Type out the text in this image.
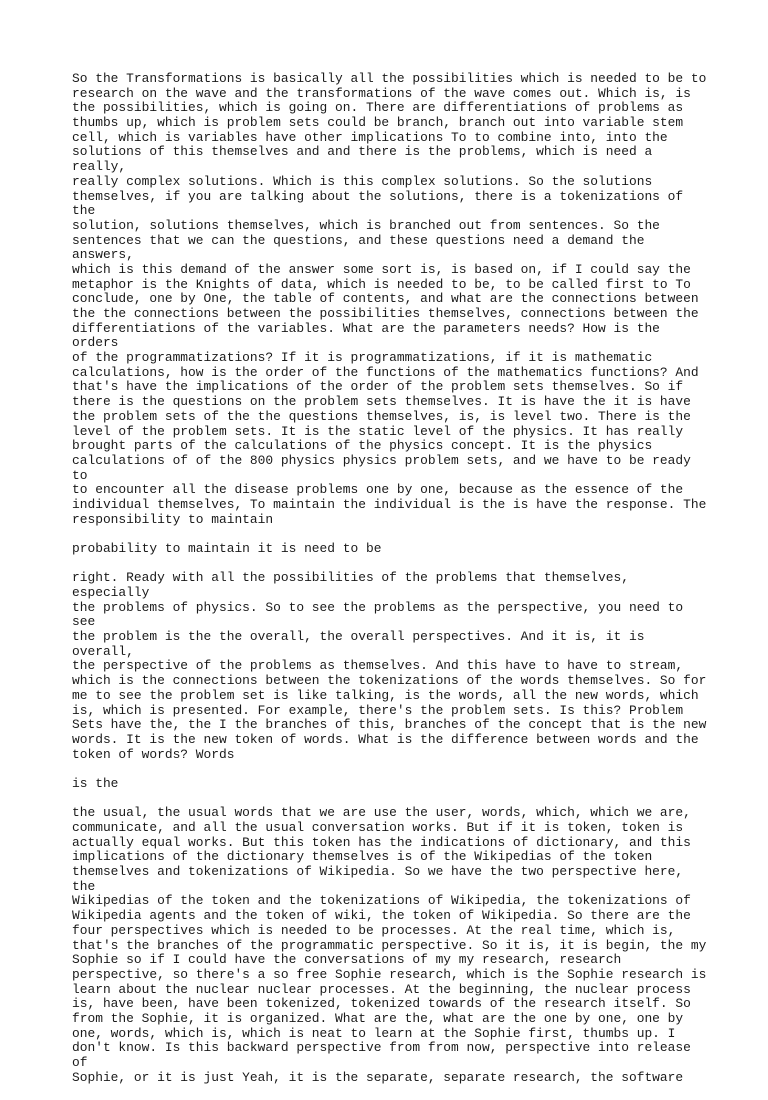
So the Transformations is basically all the possibilities which is needed to be to
research on the wave and the transformations of the wave comes out. Which is, is
the possibilities, which is going on. There are differentiations of problems as
thumbs up, which is problem sets could be branch, branch out into variable stem
cell, which is variables have other implications To to combine into, into the
solutions of this themselves and and there is the problems, which is need a really,
really complex solutions. Which is this complex solutions. So the solutions
themselves, if you are talking about the solutions, there is a tokenizations of the
solution, solutions themselves, which is branched out from sentences. So the
sentences that we can the questions, and these questions need a demand the answers,
which is this demand of the answer some sort is, is based on, if I could say the
metaphor is the Knights of data, which is needed to be, to be called first to To
conclude, one by One, the table of contents, and what are the connections between
the the connections between the possibilities themselves, connections between the
differentiations of the variables. What are the parameters needs? How is the orders
of the programmatizations? If it is programmatizations, if it is mathematic
calculations, how is the order of the functions of the mathematics functions? And
that's have the implications of the order of the problem sets themselves. So if
there is the questions on the problem sets themselves. It is have the it is have
the problem sets of the the questions themselves, is, is level two. There is the
level of the problem sets. It is the static level of the physics. It has really
brought parts of the calculations of the physics concept. It is the physics
calculations of of the 800 physics physics problem sets, and we have to be ready to
to encounter all the disease problems one by one, because as the essence of the
individual themselves, To maintain the individual is the is have the response. The
responsibility to maintain

probability to maintain it is need to be

right. Ready with all the possibilities of the problems that themselves, especially
the problems of physics. So to see the problems as the perspective, you need to see
the problem is the the overall, the overall perspectives. And it is, it is overall,
the perspective of the problems as themselves. And this have to have to stream,
which is the connections between the tokenizations of the words themselves. So for
me to see the problem set is like talking, is the words, all the new words, which
is, which is presented. For example, there's the problem sets. Is this? Problem
Sets have the, the I the branches of this, branches of the concept that is the new
words. It is the new token of words. What is the difference between words and the
token of words? Words

is the

the usual, the usual words that we are use the user, words, which, which we are,
communicate, and all the usual conversation works. But if it is token, token is
actually equal works. But this token has the indications of dictionary, and this
implications of the dictionary themselves is of the Wikipedias of the token
themselves and tokenizations of Wikipedia. So we have the two perspective here, the
Wikipedias of the token and the tokenizations of Wikipedia, the tokenizations of
Wikipedia agents and the token of wiki, the token of Wikipedia. So there are the
four perspectives which is needed to be processes. At the real time, which is,
that's the branches of the programmatic perspective. So it is, it is begin, the my
Sophie so if I could have the conversations of my my research, research
perspective, so there's a so free Sophie research, which is the Sophie research is
learn about the nuclear nuclear processes. At the beginning, the nuclear process
is, have been, have been tokenized, tokenized towards of the research itself. So
from the Sophie, it is organized. What are the, what are the one by one, one by
one, words, which is, which is neat to learn at the Sophie first, thumbs up. I
don't know. Is this backward perspective from from now, perspective into release of
Sophie, or it is just Yeah, it is the separate, separate research, the software
